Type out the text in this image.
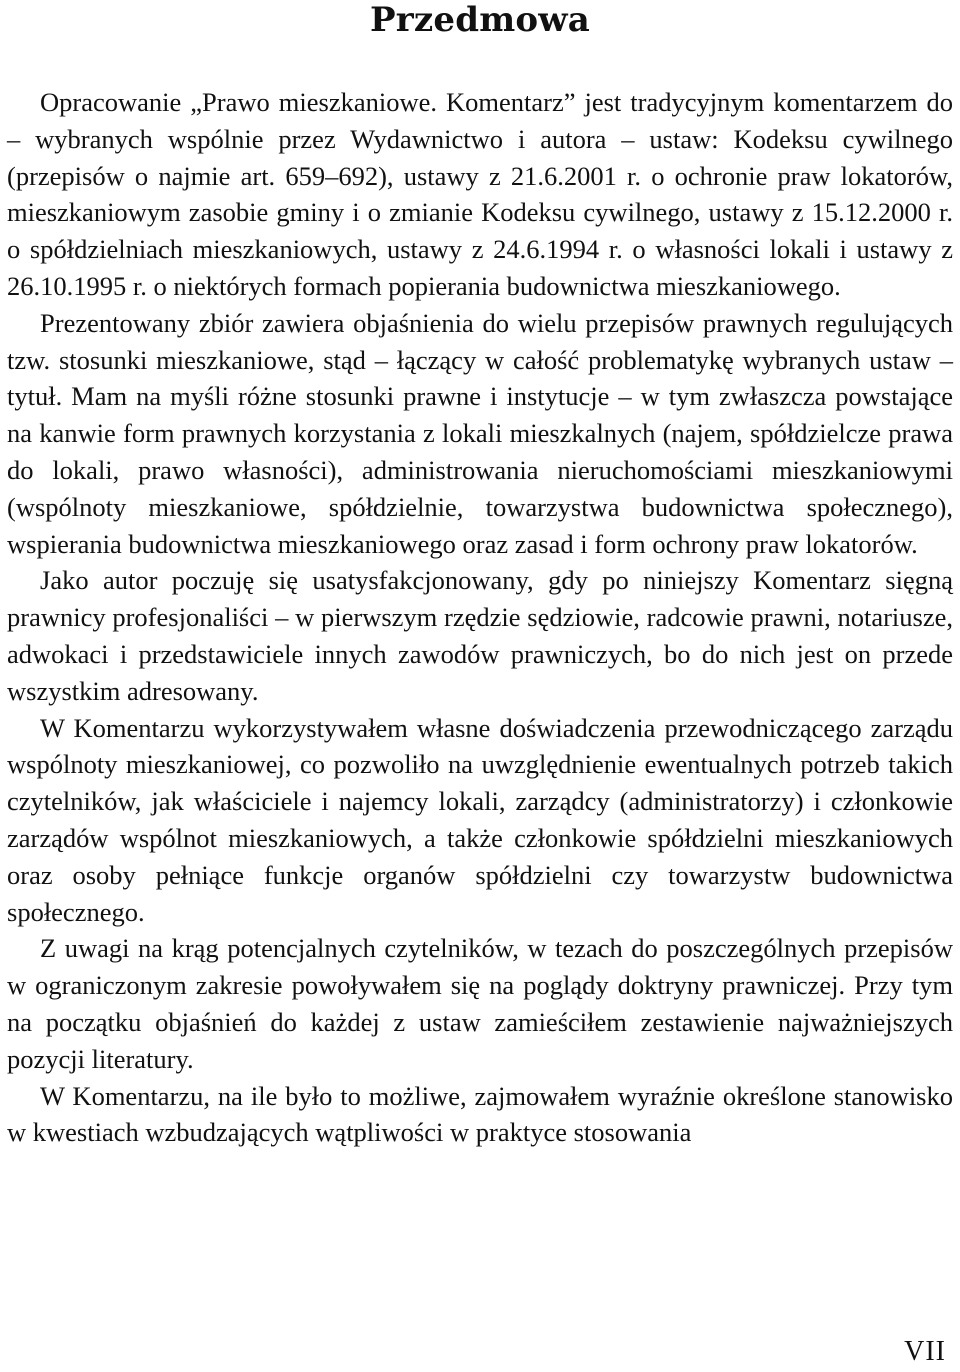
Przedmowa

Opracowanie „Prawo mieszkaniowe. Komentarz” jest tradycyjnym komentarzem do – wybranych wspólnie przez Wydawnictwo i autora – ustaw: Kodeksu cywilnego (przepisów o najmie art. 659–692), ustawy z 21.6.2001 r. o ochronie praw lokatorów, mieszkaniowym zasobie gminy i o zmianie Kodeksu cywilnego, ustawy z 15.12.2000 r. o spółdzielniach mieszkaniowych, ustawy z 24.6.1994 r. o własności lokali i ustawy z 26.10.1995 r. o niektórych formach popierania budownictwa mieszkaniowego.

Prezentowany zbiór zawiera objaśnienia do wielu przepisów prawnych regulujących tzw. stosunki mieszkaniowe, stąd – łączący w całość problematykę wybranych ustaw – tytuł. Mam na myśli różne stosunki prawne i instytucje – w tym zwłaszcza powstające na kanwie form prawnych korzystania z lokali mieszkalnych (najem, spółdzielcze prawa do lokali, prawo własności), administrowania nieruchomościami mieszkaniowymi (wspólnoty mieszkaniowe, spółdzielnie, towarzystwa budownictwa społecznego), wspierania budownictwa mieszkaniowego oraz zasad i form ochrony praw lokatorów.

Jako autor poczuję się usatysfakcjonowany, gdy po niniejszy Komentarz sięgną prawnicy profesjonaliści – w pierwszym rzędzie sędziowie, radcowie prawni, notariusze, adwokaci i przedstawiciele innych zawodów prawniczych, bo do nich jest on przede wszystkim adresowany.

W Komentarzu wykorzystywałem własne doświadczenia przewodniczącego zarządu wspólnoty mieszkaniowej, co pozwoliło na uwzględnienie ewentualnych potrzeb takich czytelników, jak właściciele i najemcy lokali, zarządcy (administratorzy) i członkowie zarządów wspólnot mieszkaniowych, a także członkowie spółdzielni mieszkaniowych oraz osoby pełniące funkcje organów spółdzielni czy towarzystw budownictwa społecznego.

Z uwagi na krąg potencjalnych czytelników, w tezach do poszczególnych przepisów w ograniczonym zakresie powoływałem się na poglądy doktryny prawniczej. Przy tym na początku objaśnień do każdej z ustaw zamieściłem zestawienie najważniejszych pozycji literatury.

W Komentarzu, na ile było to możliwe, zajmowałem wyraźnie określone stanowisko w kwestiach wzbudzających wątpliwości w praktyce stosowania

VII
